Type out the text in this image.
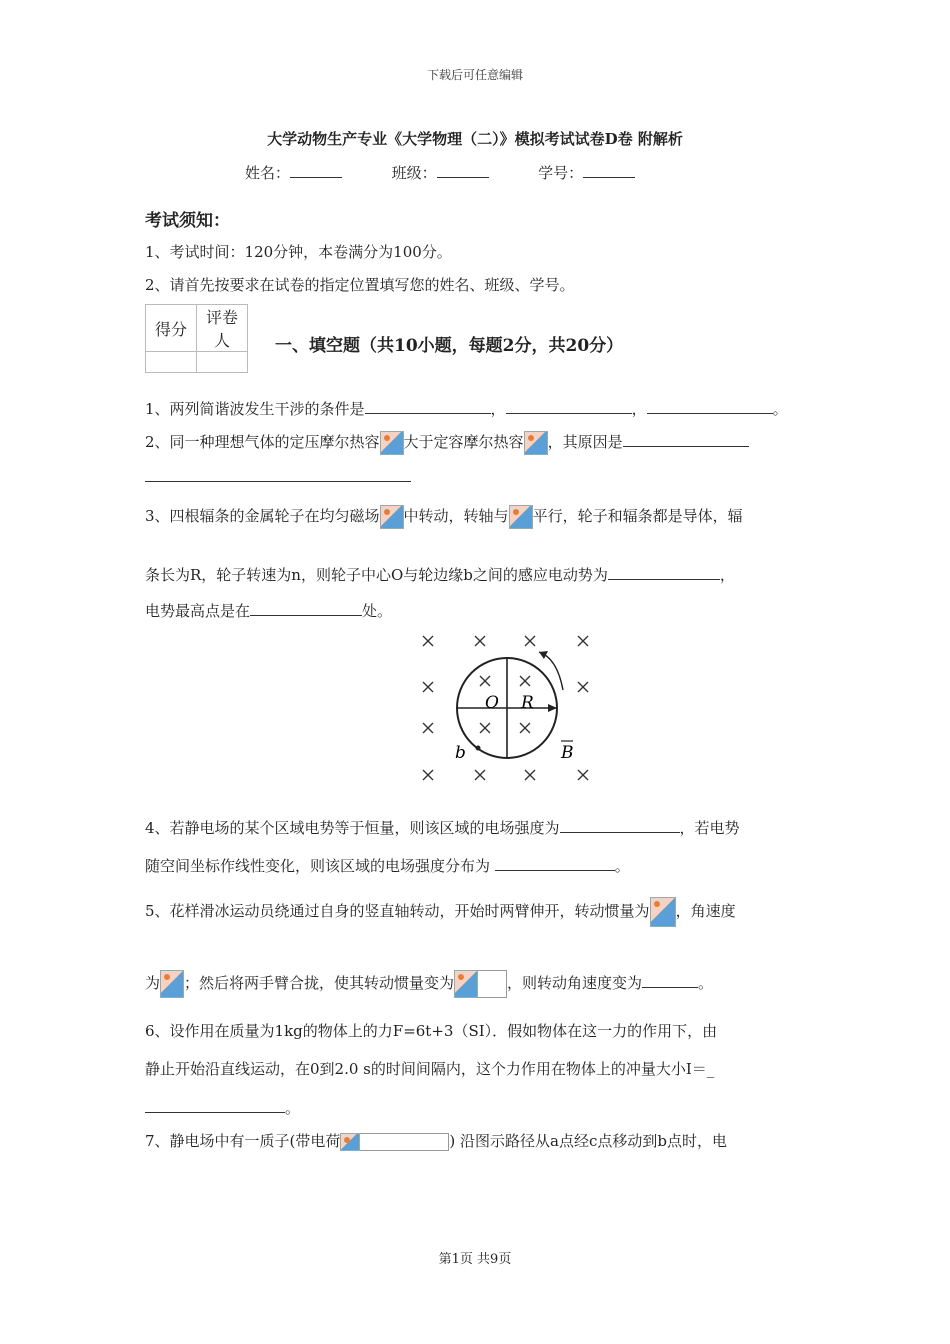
下载后可任意编辑
大学动物生产专业《大学物理（二）》模拟考试试卷D卷 附解析
姓名：	班级：	学号：
考试须知：
1、考试时间：120分钟，本卷满分为100分。
2、请首先按要求在试卷的指定位置填写您的姓名、班级、学号。
得分	评卷人
		一、填空题（共10小题，每题2分，共20分）
1、两列简谐波发生干涉的条件是	，	，	。
2、同一种理想气体的定压摩尔热容 大于定容摩尔热容 ，其原因是
3、四根辐条的金属轮子在均匀磁场 中转动，转轴与 平行，轮子和辐条都是导体，辐
条长为R，轮子转速为n，则轮子中心O与轮边缘b之间的感应电动势为	，
电势最高点是在	处。
O R
b	B
4、若静电场的某个区域电势等于恒量，则该区域的电场强度为	，若电势
随空间坐标作线性变化，则该区域的电场强度分布为	。
5、花样滑冰运动员绕通过自身的竖直轴转动，开始时两臂伸开，转动惯量为 ，角速度
为 ；然后将两手臂合拢，使其转动惯量变为	，则转动角速度变为	。
6、设作用在质量为1kg的物体上的力F=6t+3（SI）．假如物体在这一力的作用下，由
静止开始沿直线运动，在0到2.0 s的时间间隔内，这个力作用在物体上的冲量大小I＝_
。
7、静电场中有一质子(带电荷	) 沿图示路径从a点经c点移动到b点时，电
第1页 共9页
